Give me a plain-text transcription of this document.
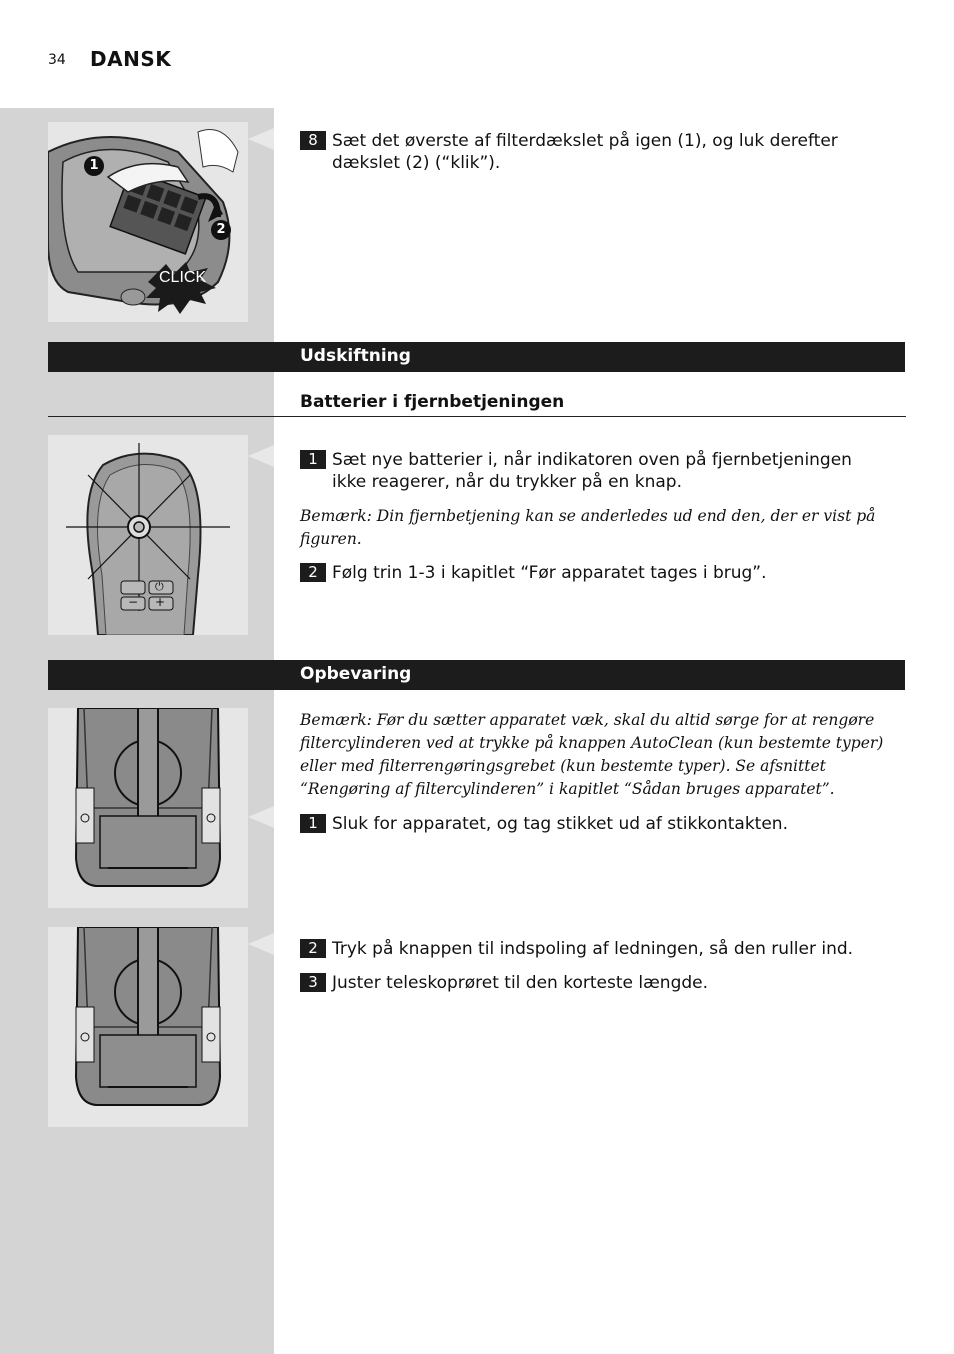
34 DANSK
1
2
CLICK
8 Sæt det øverste af filterdækslet på igen (1), og luk derefter dækslet (2) (“klik”).
Udskiftning
Batterier i fjernbetjeningen
⏻
− +
1 Sæt nye batterier i, når indikatoren oven på fjernbetjeningen ikke reagerer, når du trykker på en knap.
Bemærk: Din fjernbetjening kan se anderledes ud end den, der er vist på figuren.
2 Følg trin 1-3 i kapitlet “Før apparatet tages i brug”.
Opbevaring
Bemærk: Før du sætter apparatet væk, skal du altid sørge for at rengøre filtercylinderen ved at trykke på knappen AutoClean (kun bestemte typer) eller med filterrengøringsgrebet (kun bestemte typer). Se afsnittet “Rengøring af filtercylinderen” i kapitlet “Sådan bruges apparatet”.
1 Sluk for apparatet, og tag stikket ud af stikkontakten.
2 Tryk på knappen til indspoling af ledningen, så den ruller ind.
3 Juster teleskoprøret til den korteste længde.
